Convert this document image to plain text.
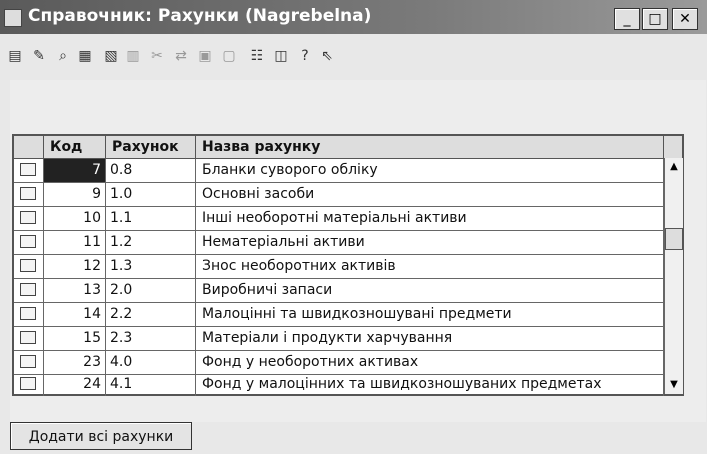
Справочник: Рахунки (Nagrebelna)	_	□	✕
▤ ✎	⌕ ▦ ▧ ▥ ✂ ⇄ ▣ ▢	☷ ◫ ? ⇖
Код	Рахунок	Назва рахунку
7 0.8	Бланки суворого обліку
9 1.0	Основні засоби
10 1.1	Інші необоротні матеріальні активи
11 1.2	Нематеріальні активи
12 1.3	Знос необоротних активів
13 2.0	Виробничі запаси
14 2.2	Малоцінні та швидкозношувані предмети
15 2.3	Матеріали і продукти харчування
23 4.0	Фонд у необоротних активах
24 4.1	Фонд у малоцінних та швидкозношуваних предметах
▲
▼
Додати всі рахунки
